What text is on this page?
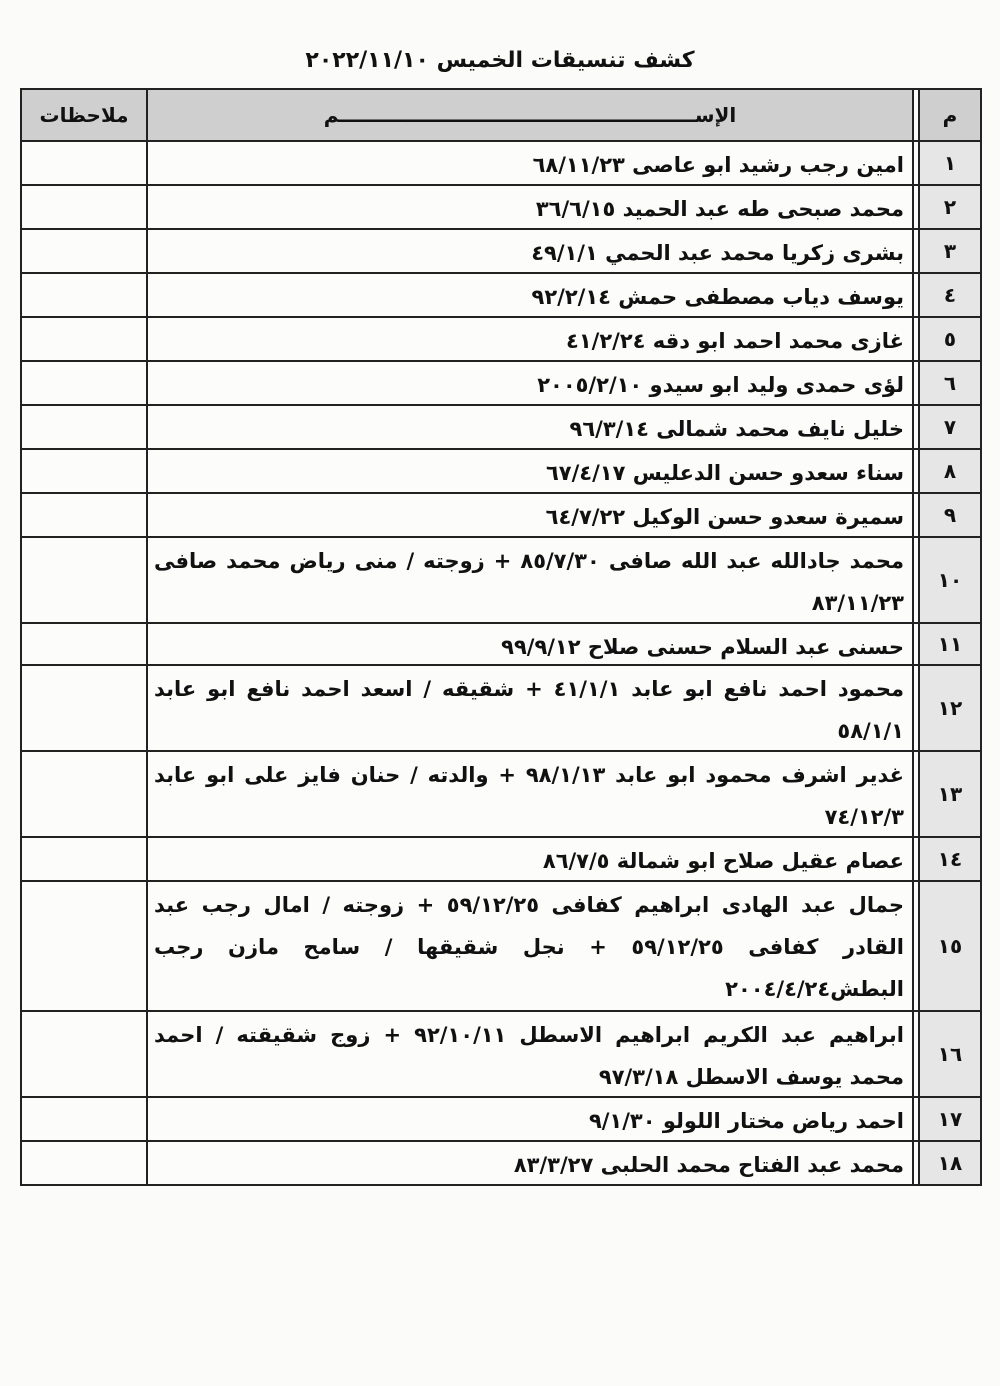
كشف تنسيقات الخميس ٢٠٢٢/١١/١٠
م
الإســــــــــــــــــــــــــــــــــــــــــــــــــــم
ملاحظات
١
امين رجب رشيد ابو عاصى ٦٨/١١/٢٣
٢
محمد صبحى طه عبد الحميد ٣٦/٦/١٥
٣
بشرى زكريا محمد عبد الحمي ٤٩/١/١
٤
يوسف دياب مصطفى حمش ٩٢/٢/١٤
٥
غازى محمد احمد ابو دقه ٤١/٢/٢٤
٦
لؤى حمدى وليد ابو سيدو ٢٠٠٥/٢/١٠
٧
خليل نايف محمد شمالى ٩٦/٣/١٤
٨
سناء سعدو حسن الدعليس ٦٧/٤/١٧
٩
سميرة سعدو حسن الوكيل ٦٤/٧/٢٢
١٠
محمد جادالله عبد الله صافى ٨٥/٧/٣٠ + زوجته / منى رياض محمد صافى ٨٣/١١/٢٣
١١
حسنى عبد السلام حسنى صلاح ٩٩/٩/١٢
١٢
محمود احمد نافع ابو عابد ٤١/١/١ + شقيقه / اسعد احمد نافع ابو عابد ٥٨/١/١
١٣
غدير اشرف محمود ابو عابد ٩٨/١/١٣ + والدته / حنان فايز على ابو عابد ٧٤/١٢/٣
١٤
عصام عقيل صلاح ابو شمالة ٨٦/٧/٥
١٥
جمال عبد الهادى ابراهيم كفافى ٥٩/١٢/٢٥ + زوجته / امال رجب عبد القادر كفافى ٥٩/١٢/٢٥ + نجل شقيقها / سامح مازن رجب البطش٢٠٠٤/٤/٢٤
١٦
ابراهيم عبد الكريم ابراهيم الاسطل ٩٢/١٠/١١ + زوج شقيقته / احمد محمد يوسف الاسطل ٩٧/٣/١٨
١٧
احمد رياض مختار اللولو ٩/١/٣٠
١٨
محمد عبد الفتاح محمد الحلبى ٨٣/٣/٢٧
